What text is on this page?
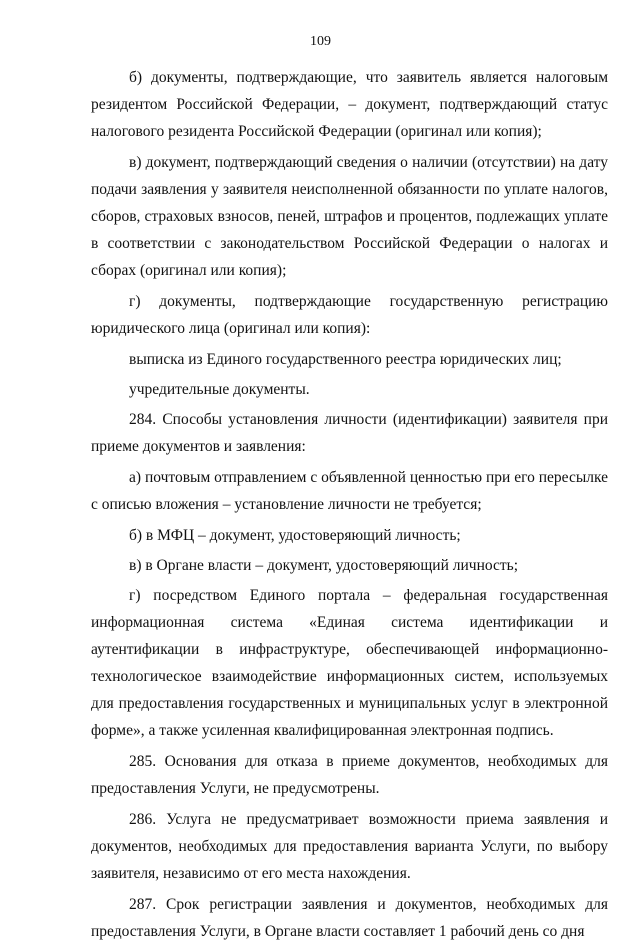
109

б) документы, подтверждающие, что заявитель является налоговым резидентом Российской Федерации, – документ, подтверждающий статус налогового резидента Российской Федерации (оригинал или копия);

в) документ, подтверждающий сведения о наличии (отсутствии) на дату подачи заявления у заявителя неисполненной обязанности по уплате налогов, сборов, страховых взносов, пеней, штрафов и процентов, подлежащих уплате в соответствии с законодательством Российской Федерации о налогах и сборах (оригинал или копия);

г) документы, подтверждающие государственную регистрацию юридического лица (оригинал или копия):

выписка из Единого государственного реестра юридических лиц;

учредительные документы.

284. Способы установления личности (идентификации) заявителя при приеме документов и заявления:

а) почтовым отправлением с объявленной ценностью при его пересылке с описью вложения – установление личности не требуется;

б) в МФЦ – документ, удостоверяющий личность;

в) в Органе власти – документ, удостоверяющий личность;

г) посредством Единого портала – федеральная государственная информационная система «Единая система идентификации и аутентификации в инфраструктуре, обеспечивающей информационно-технологическое взаимодействие информационных систем, используемых для предоставления государственных и муниципальных услуг в электронной форме», а также усиленная квалифицированная электронная подпись.

285. Основания для отказа в приеме документов, необходимых для предоставления Услуги, не предусмотрены.

286. Услуга не предусматривает возможности приема заявления и документов, необходимых для предоставления варианта Услуги, по выбору заявителя, независимо от его места нахождения.

287. Срок регистрации заявления и документов, необходимых для предоставления Услуги, в Органе власти составляет 1 рабочий день со дня
